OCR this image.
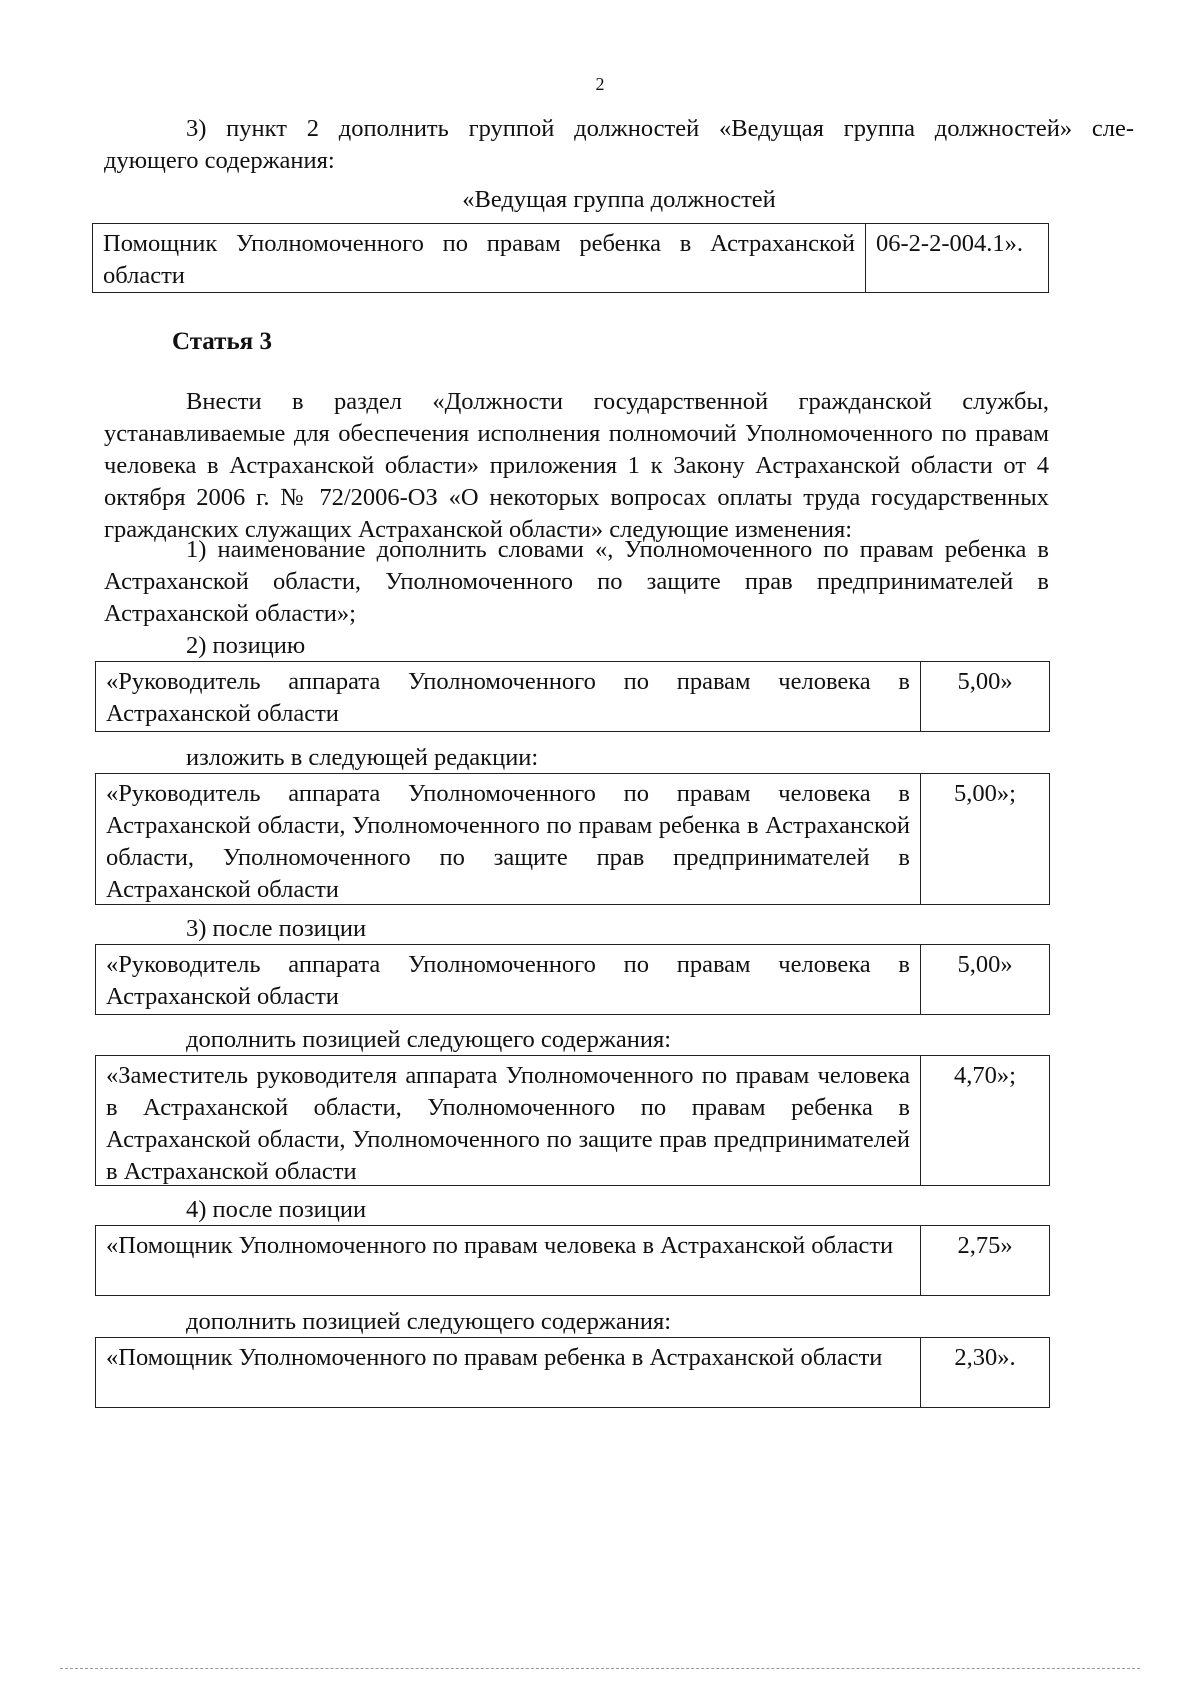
2
3) пункт 2 дополнить группой должностей «Ведущая группа должностей» сле-
дующего содержания:
«Ведущая группа должностей
Помощник Уполномоченного по правам ребенка в Астраханской области
06-2-2-004.1».
Статья 3
Внести в раздел «Должности государственной гражданской службы, устанавливаемые для обеспечения исполнения полномочий Уполномоченного по правам человека в Астраханской области» приложения 1 к Закону Астраханской области от 4 октября 2006 г. № 72/2006-ОЗ «О некоторых вопросах оплаты труда государственных гражданских служащих Астраханской области» следующие изменения:
1) наименование дополнить словами «, Уполномоченного по правам ребенка в Астраханской области, Уполномоченного по защите прав предпринимателей в Астраханской области»;
2) позицию
«Руководитель аппарата Уполномоченного по правам человека в Астраханской области
5,00»
изложить в следующей редакции:
«Руководитель аппарата Уполномоченного по правам человека в Астраханской области, Уполномоченного по правам ребенка в Астраханской области, Уполномоченного по защите прав предпринимателей в Астраханской области
5,00»;
3) после позиции
«Руководитель аппарата Уполномоченного по правам человека в Астраханской области
5,00»
дополнить позицией следующего содержания:
«Заместитель руководителя аппарата Уполномоченного по правам человека в Астраханской области, Уполномоченного по правам ребенка в Астраханской области, Уполномоченного по защите прав предпринимателей в Астраханской области
4,70»;
4) после позиции
«Помощник Уполномоченного по правам человека в Астраханской области	2,75»
дополнить позицией следующего содержания:
«Помощник Уполномоченного по правам ребенка в Астраханской области	2,30».
